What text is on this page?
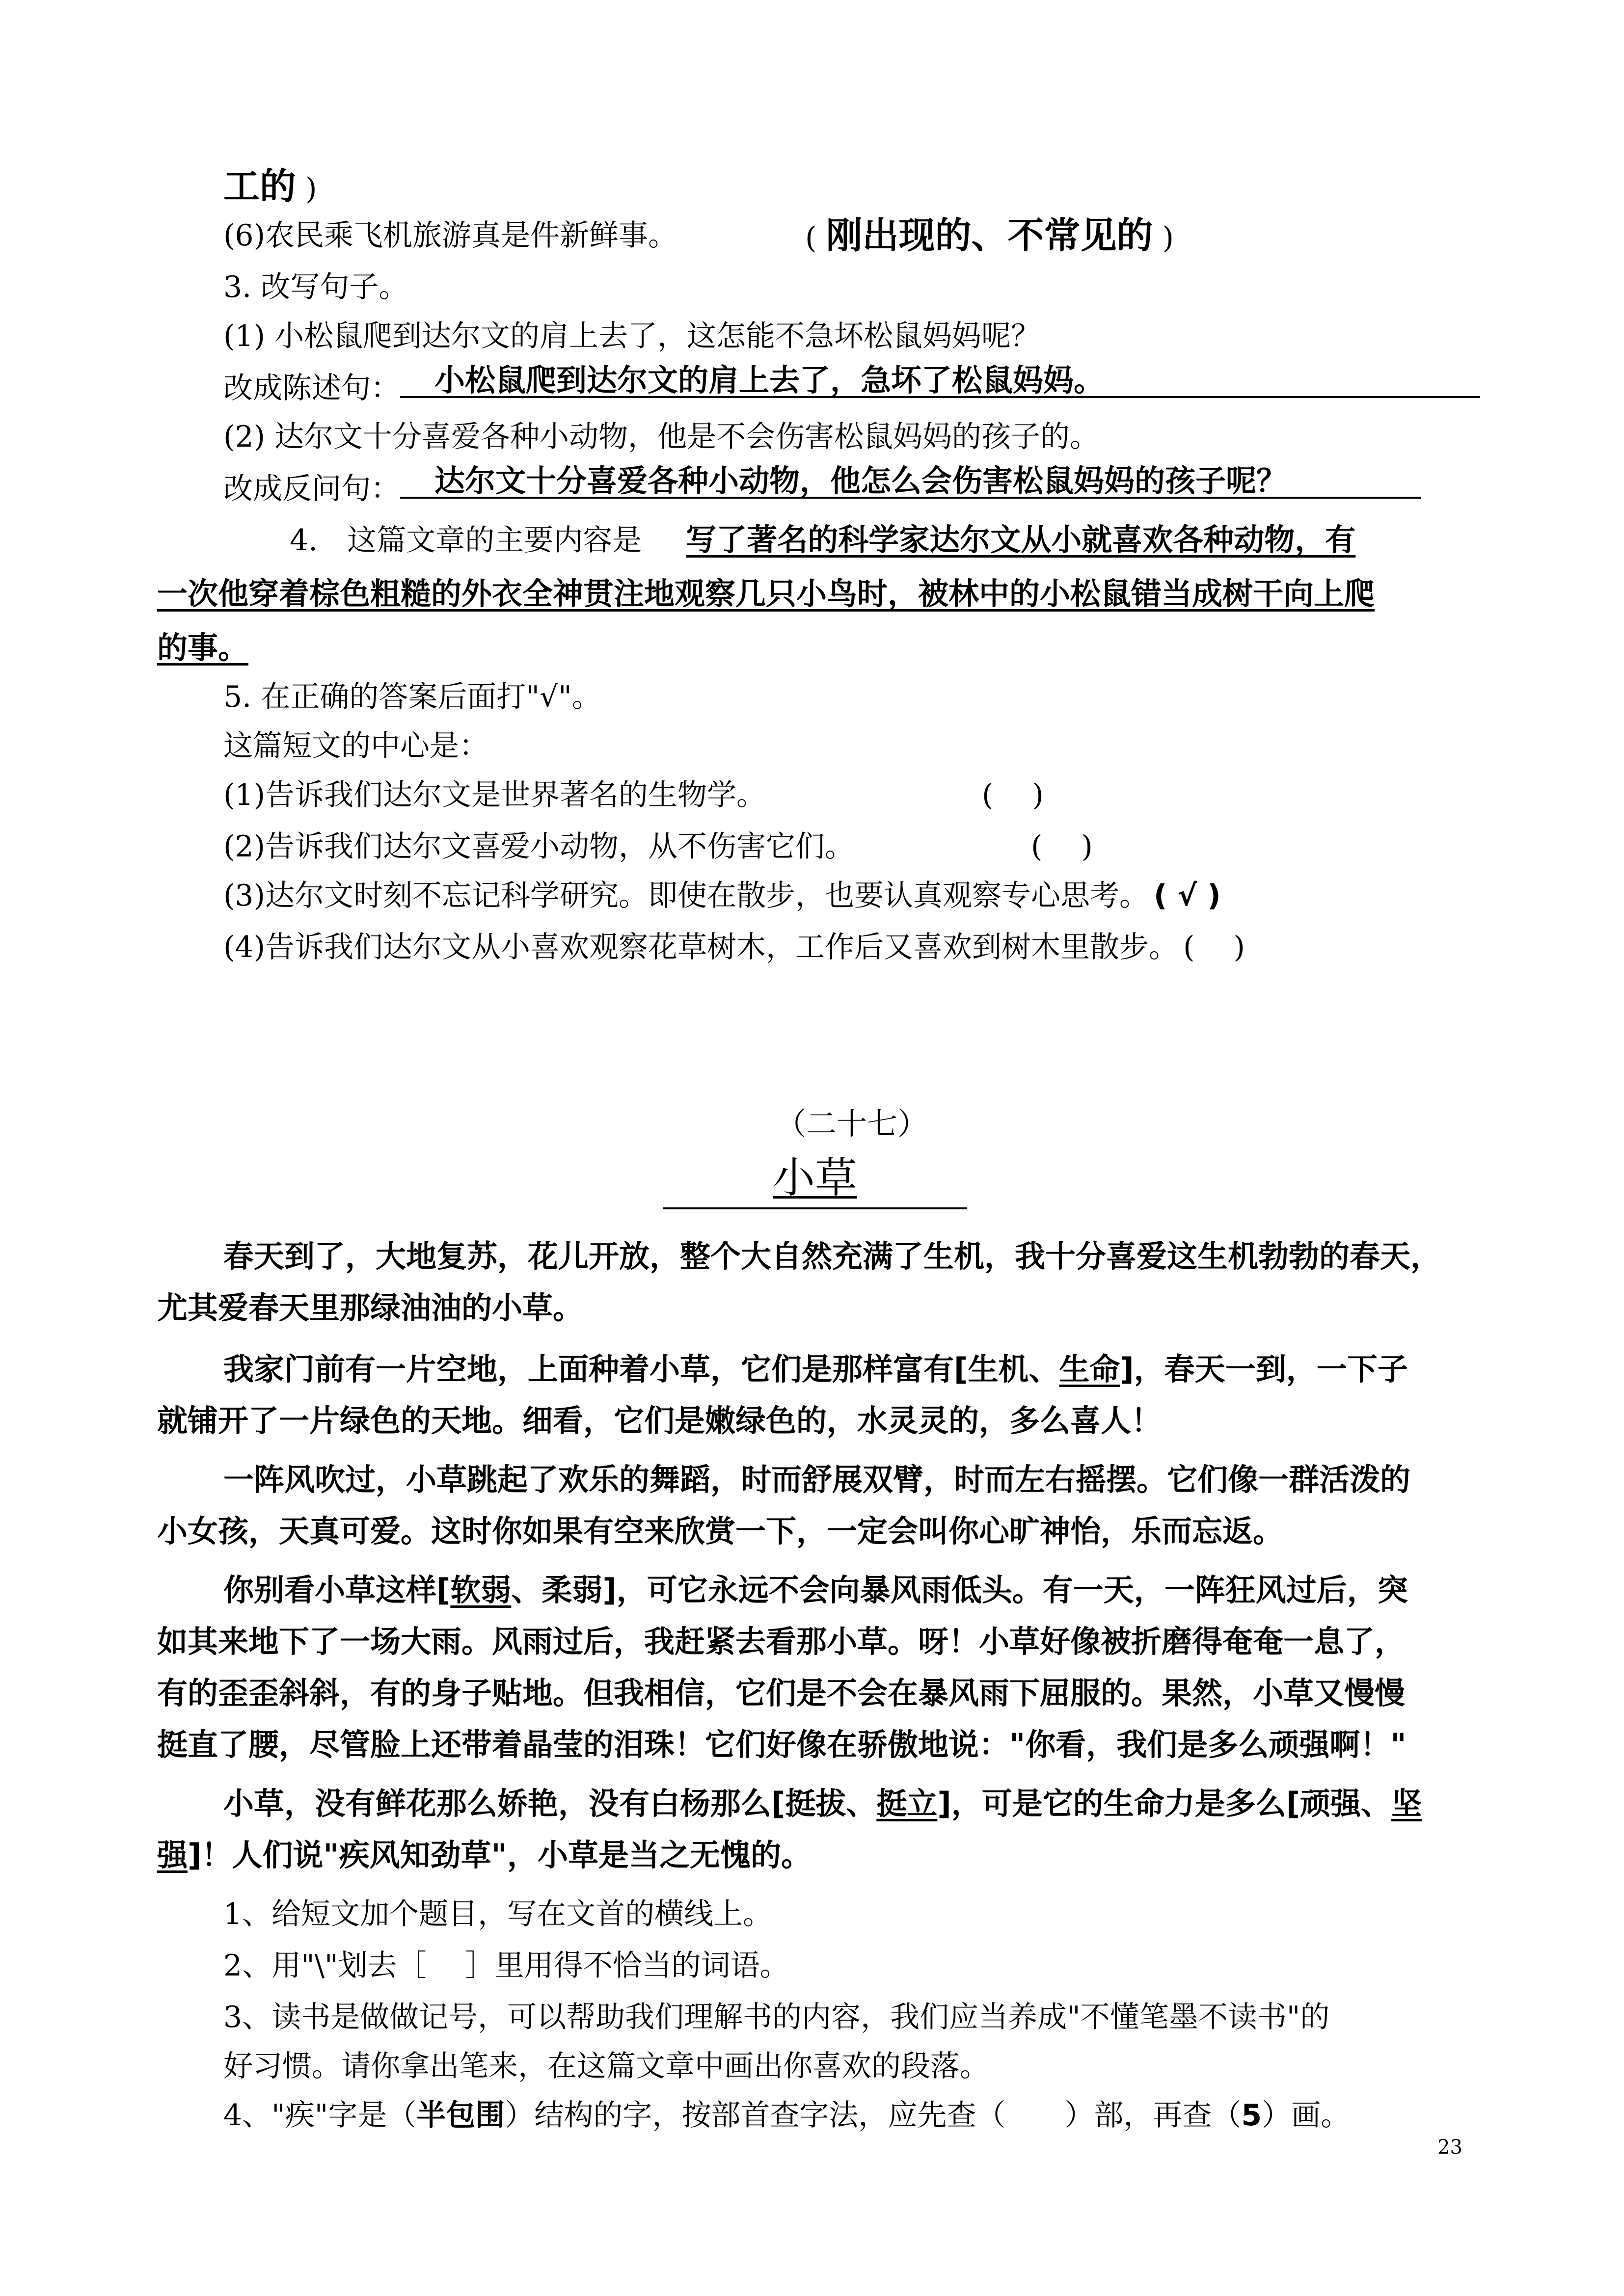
工的 )
(6)农民乘飞机旅游真是件新鲜事。	( 刚出现的、不常见的 )
3. 改写句子。
(1) 小松鼠爬到达尔文的肩上去了，这怎能不急坏松鼠妈妈呢？
改成陈述句： 小松鼠爬到达尔文的肩上去了，急坏了松鼠妈妈。
(2) 达尔文十分喜爱各种小动物，他是不会伤害松鼠妈妈的孩子的。
改成反问句： 达尔文十分喜爱各种小动物，他怎么会伤害松鼠妈妈的孩子呢？
4.　这篇文章的主要内容是 写了著名的科学家达尔文从小就喜欢各种动物，有
一次他穿着棕色粗糙的外衣全神贯注地观察几只小鸟时，被林中的小松鼠错当成树干向上爬
的事。
5. 在正确的答案后面打"√"。
这篇短文的中心是：
(1)告诉我们达尔文是世界著名的生物学。	(　 )
(2)告诉我们达尔文喜爱小动物，从不伤害它们。	(　 )
(3)达尔文时刻不忘记科学研究。即使在散步，也要认真观察专心思考。 ( √ )
(4)告诉我们达尔文从小喜欢观察花草树木，工作后又喜欢到树木里散步。 (　 )
（二十七）
小草
春天到了，大地复苏，花儿开放，整个大自然充满了生机，我十分喜爱这生机勃勃的春天，
尤其爱春天里那绿油油的小草。
我家门前有一片空地，上面种着小草，它们是那样富有[生机、生命]，春天一到，一下子
就铺开了一片绿色的天地。细看，它们是嫩绿色的，水灵灵的，多么喜人！
一阵风吹过，小草跳起了欢乐的舞蹈，时而舒展双臂，时而左右摇摆。它们像一群活泼的
小女孩，天真可爱。这时你如果有空来欣赏一下，一定会叫你心旷神怡，乐而忘返。
你别看小草这样[软弱、柔弱]，可它永远不会向暴风雨低头。有一天，一阵狂风过后，突
如其来地下了一场大雨。风雨过后，我赶紧去看那小草。呀！小草好像被折磨得奄奄一息了，
有的歪歪斜斜，有的身子贴地。但我相信，它们是不会在暴风雨下屈服的。果然，小草又慢慢
挺直了腰，尽管脸上还带着晶莹的泪珠！它们好像在骄傲地说："你看，我们是多么顽强啊！"
小草，没有鲜花那么娇艳，没有白杨那么[挺拔、挺立]，可是它的生命力是多么[顽强、坚
强]！人们说"疾风知劲草"，小草是当之无愧的。
1、给短文加个题目，写在文首的横线上。
2、用"\"划去［　 ］里用得不恰当的词语。
3、读书是做做记号，可以帮助我们理解书的内容，我们应当养成"不懂笔墨不读书"的
好习惯。请你拿出笔来，在这篇文章中画出你喜欢的段落。
4、"疾"字是（半包围）结构的字，按部首查字法，应先查（　　）部，再查（5）画。
23
